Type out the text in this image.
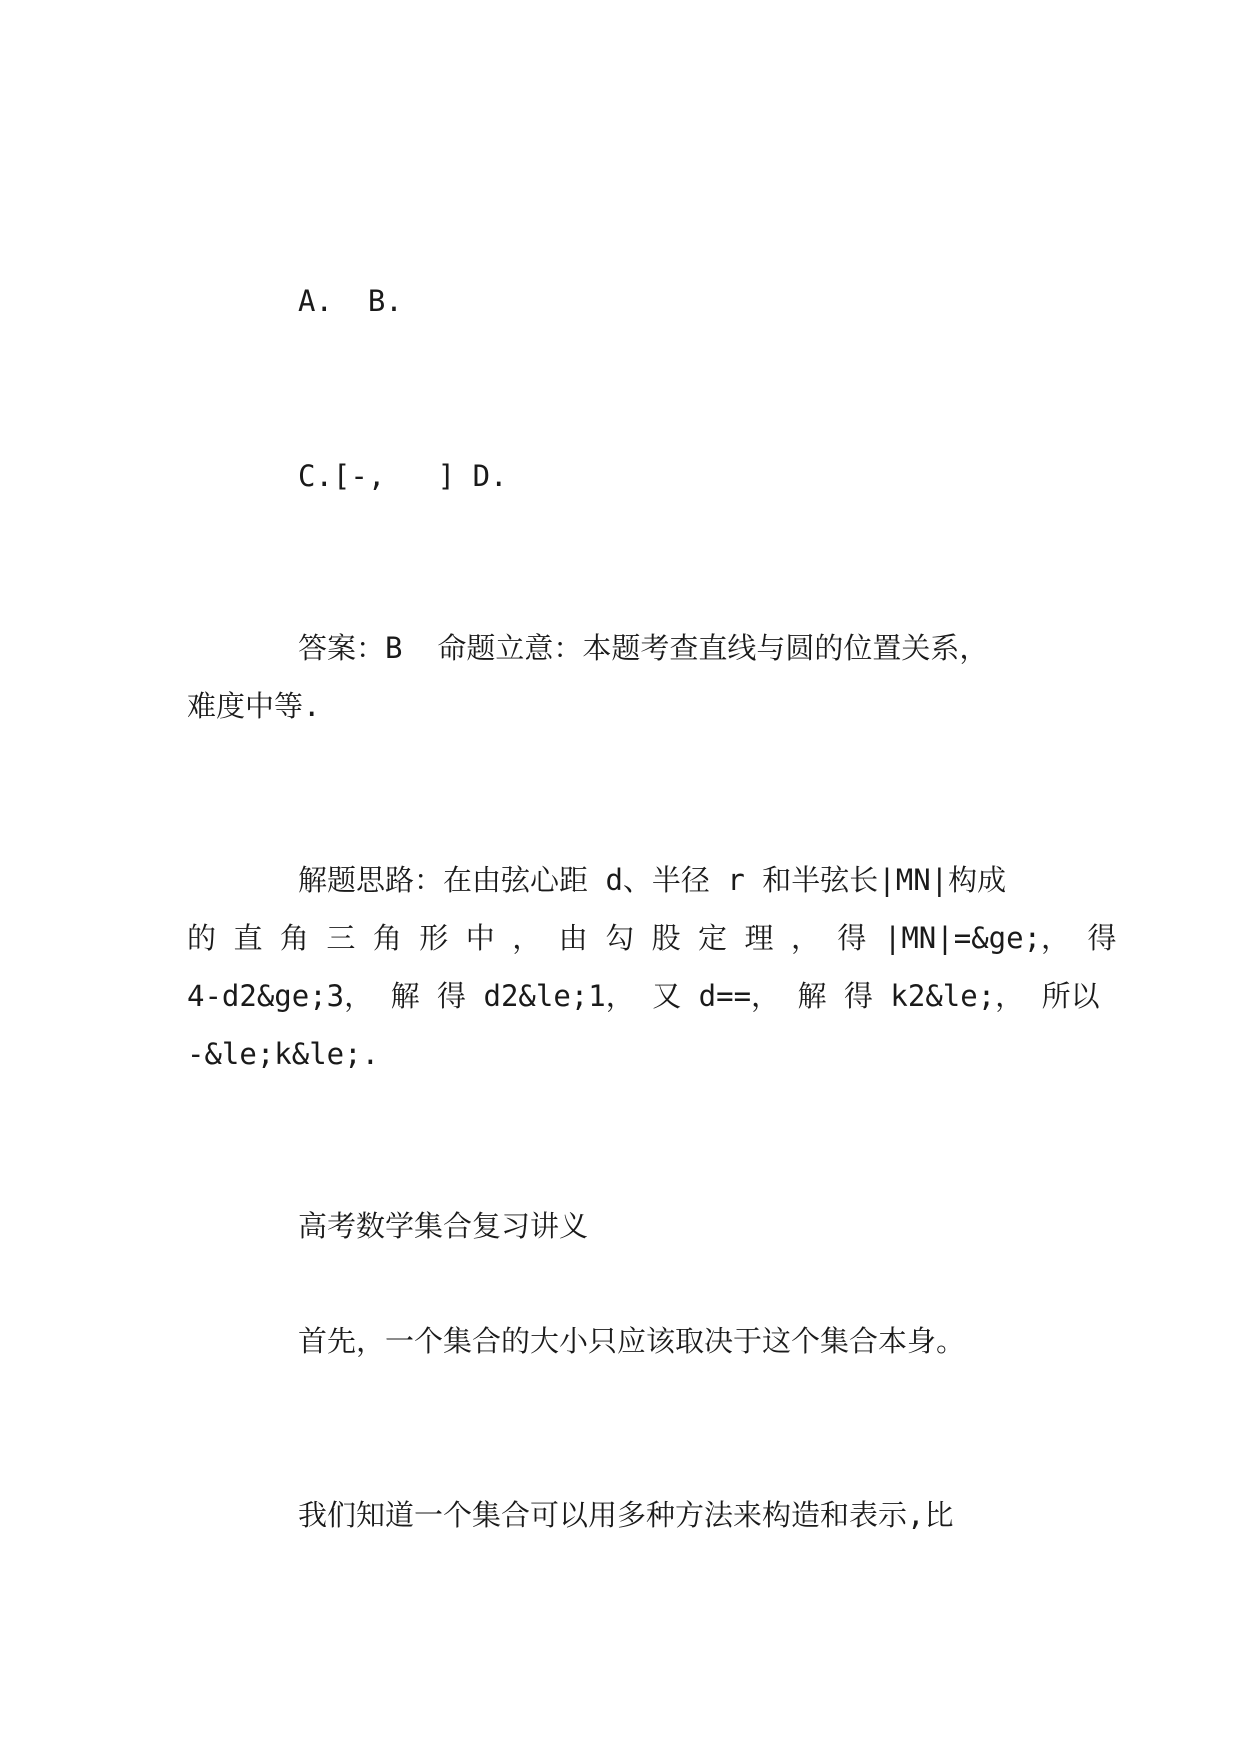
A.  B.

C.[-,   ] D.

答案：B  命题立意：本题考查直线与圆的位置关系，

难度中等.

解题思路：在由弦心距 d、半径 r 和半弦长|MN|构成

的 直 角 三 角 形 中 ， 由 勾 股 定 理 ， 得 |MN|=&ge;， 得

4-d2&ge;3， 解 得 d2&le;1， 又 d==， 解 得 k2&le;， 所以

-&le;k&le;.

高考数学集合复习讲义

首先，一个集合的大小只应该取决于这个集合本身。

我们知道一个集合可以用多种方法来构造和表示,比
